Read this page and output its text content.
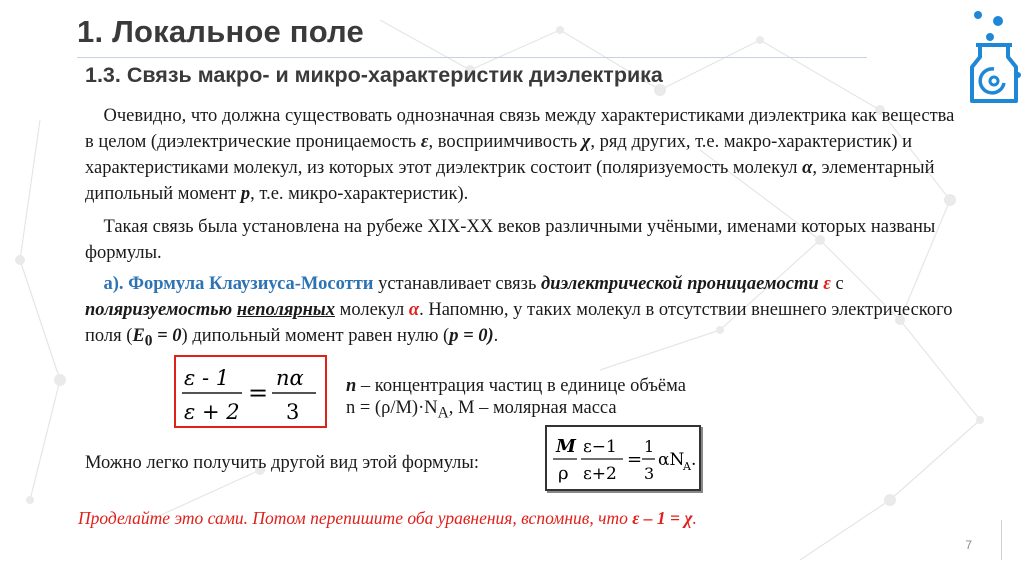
1. Локальное поле
1.3. Связь макро- и микро-характеристик диэлектрика
Очевидно, что должна существовать однозначная связь между характеристиками диэлектрика как вещества в целом (диэлектрические проницаемость ε, восприимчивость χ, ряд других, т.е. макро-характеристик) и характеристиками молекул, из которых этот диэлектрик состоит (поляризуемость молекул α, элементарный дипольный момент p, т.е. микро-характеристик).
Такая связь была установлена на рубеже XIX-XX веков различными учёными, именами которых названы формулы.
а). Формула Клаузиуса-Мосотти устанавливает связь диэлектрической проницаемости ε с поляризуемостью неполярных молекул α. Напомню, у таких молекул в отсутствии внешнего электрического поля $(E_0 = 0)$ дипольный момент равен нулю (p = 0).
ε - 1
ε + 2
=
nα
3
n – концентрация частиц в единице объёма
$n = (\rho/M)\cdot N_A$, M – молярная масса
Можно легко получить другой вид этой формулы:
M
ρ
ε−1
ε+2
=
1
3
αN
A .
Проделайте это сами. Потом перепишите оба уравнения, вспомнив, что ε – 1 = χ.
7
